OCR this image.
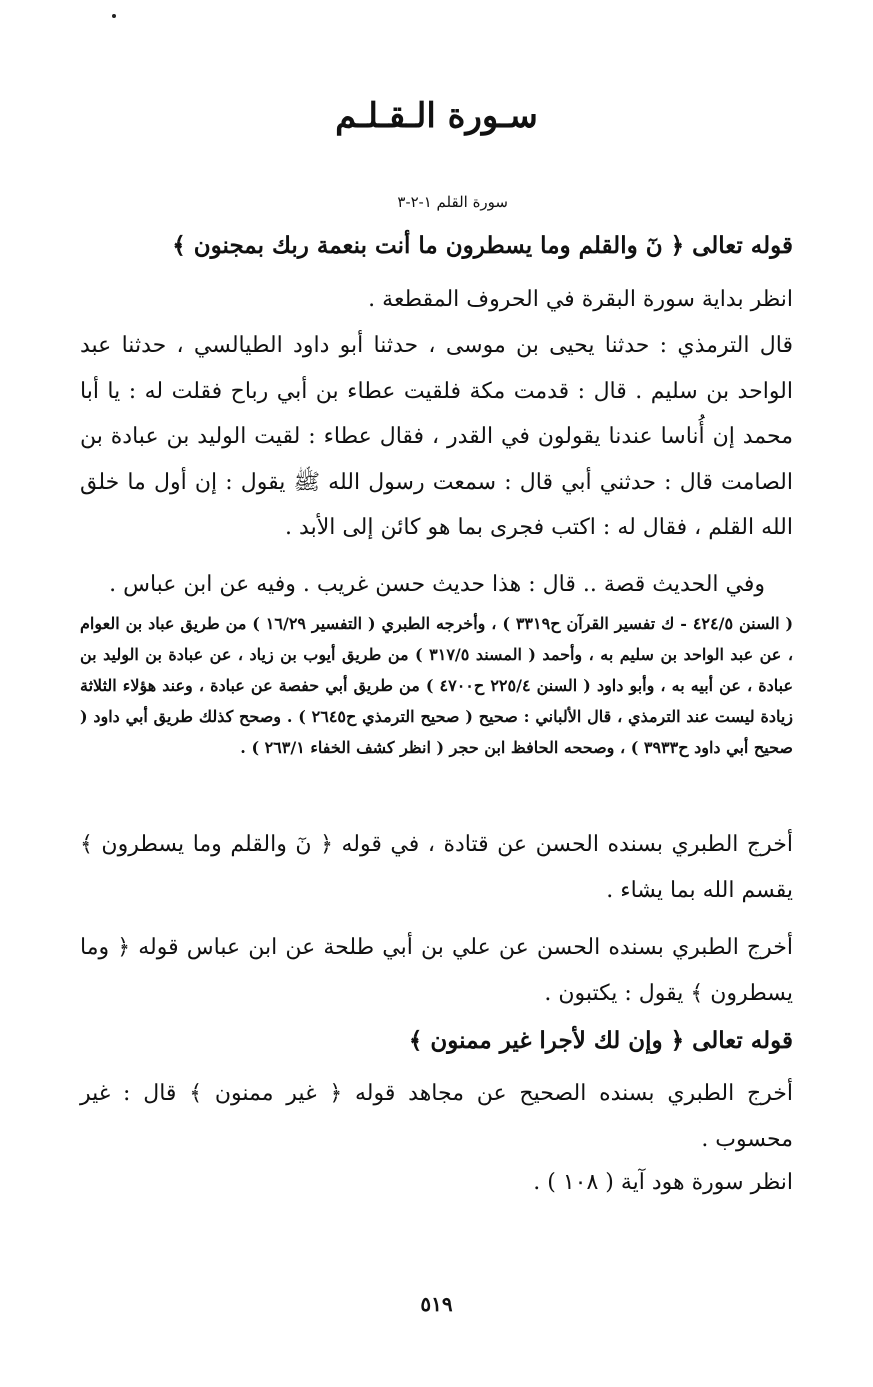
سـورة الـقـلـم
سورة القلم ١-٢-٣
قوله تعالى ﴿ نٓ والقلم وما يسطرون ما أنت بنعمة ربك بمجنون ﴾
انظر بداية سورة البقرة في الحروف المقطعة .
قال الترمذي : حدثنا يحيى بن موسى ، حدثنا أبو داود الطيالسي ، حدثنا عبد الواحد بن سليم . قال : قدمت مكة فلقيت عطاء بن أبي رباح فقلت له : يا أبا محمد إن أُناسا عندنا يقولون في القدر ، فقال عطاء : لقيت الوليد بن عبادة بن الصامت قال : حدثني أبي قال : سمعت رسول الله ﷺ يقول : إن أول ما خلق الله القلم ، فقال له : اكتب فجرى بما هو كائن إلى الأبد .
وفي الحديث قصة .. قال : هذا حديث حسن غريب . وفيه عن ابن عباس .
( السنن ٤٢٤/٥ - ك تفسير القرآن ح٣٣١٩ ) ، وأخرجه الطبري ( التفسير ١٦/٢٩ ) من طريق عباد بن العوام ، عن عبد الواحد بن سليم به ، وأحمد ( المسند ٣١٧/٥ ) من طريق أيوب بن زياد ، عن عبادة بن الوليد بن عبادة ، عن أبيه به ، وأبو داود ( السنن ٢٢٥/٤ ح٤٧٠٠ ) من طريق أبي حفصة عن عبادة ، وعند هؤلاء الثلاثة زيادة ليست عند الترمذي ، قال الألباني : صحيح ( صحيح الترمذي ح٢٦٤٥ ) . وصحح كذلك طريق أبي داود ( صحيح أبي داود ح٣٩٣٣ ) ، وصححه الحافظ ابن حجر ( انظر كشف الخفاء ٢٦٣/١ ) .
أخرج الطبري بسنده الحسن عن قتادة ، في قوله ﴿ نٓ والقلم وما يسطرون ﴾ يقسم الله بما يشاء .
أخرج الطبري بسنده الحسن عن علي بن أبي طلحة عن ابن عباس قوله ﴿ وما يسطرون ﴾ يقول : يكتبون .
قوله تعالى ﴿ وإن لك لأجرا غير ممنون ﴾
أخرج الطبري بسنده الصحيح عن مجاهد قوله ﴿ غير ممنون ﴾ قال : غير محسوب .
انظر سورة هود آية ( ١٠٨ ) .
٥١٩
